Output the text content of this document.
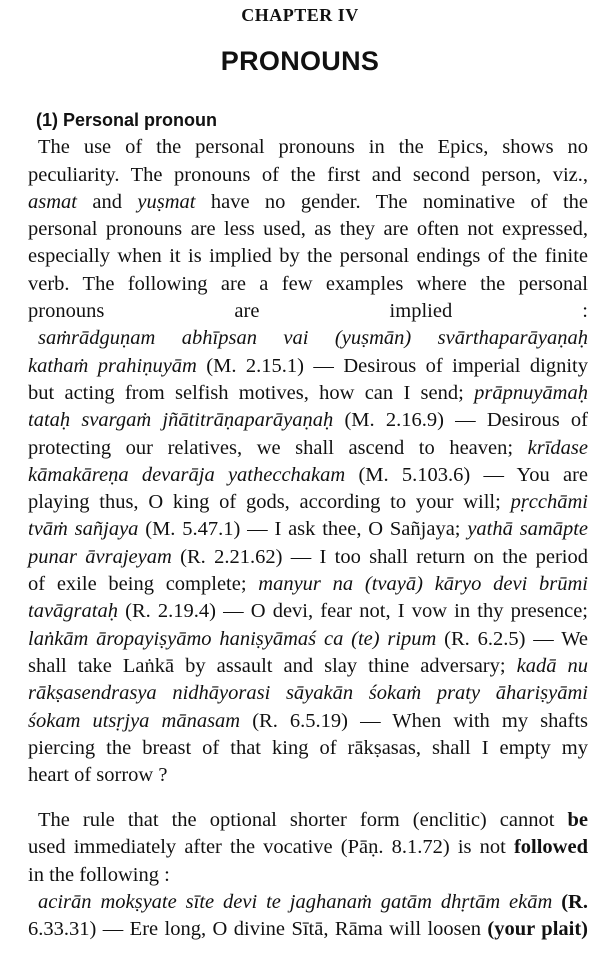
CHAPTER IV
PRONOUNS
(1) Personal pronoun
The use of the personal pronouns in the Epics, shows no
peculiarity. The pronouns of the first and second person, viz.,
asmat and yuṣmat have no gender. The nominative of the
personal pronouns are less used, as they are often not expressed,
especially when it is implied by the personal endings of the finite
verb. The following are a few examples where the personal
pronouns are implied :
saṁrādguṇam abhīpsan vai (yuṣmān) svārthaparāyaṇaḥ
kathaṁ prahiṇuyām (M. 2.15.1) — Desirous of imperial dignity
but acting from selfish motives, how can I send; prāpnuyāmaḥ
tataḥ svargaṁ jñātitrāṇaparāyaṇaḥ (M. 2.16.9) — Desirous of
protecting our relatives, we shall ascend to heaven; krīdase
kāmakāreṇa devarāja yathecchakam (M. 5.103.6) — You are
playing thus, O king of gods, according to your will; pṛcchāmi
tvāṁ sañjaya (M. 5.47.1) — I ask thee, O Sañjaya; yathā samāpte
punar āvrajeyam (R. 2.21.62) — I too shall return on the period
of exile being complete; manyur na (tvayā) kāryo devi brūmi
tavāgrataḥ (R. 2.19.4) — O devi, fear not, I vow in thy presence;
laṅkām āropayiṣyāmo haniṣyāmaś ca (te) ripum (R. 6.2.5) — We
shall take Laṅkā by assault and slay thine adversary; kadā nu
rākṣasendrasya nidhāyorasi sāyakān śokaṁ praty āhariṣyāmi
śokam utsṛjya mānasam (R. 6.5.19) — When with my shafts
piercing the breast of that king of rākṣasas, shall I empty my
heart of sorrow ?
The rule that the optional shorter form (enclitic) cannot be
used immediately after the vocative (Pāṇ. 8.1.72) is not followed
in the following :
acirān mokṣyate sīte devi te jaghanaṁ gatām dhṛtām ekām (R.
6.33.31) — Ere long, O divine Sītā, Rāma will loosen (your plait)
